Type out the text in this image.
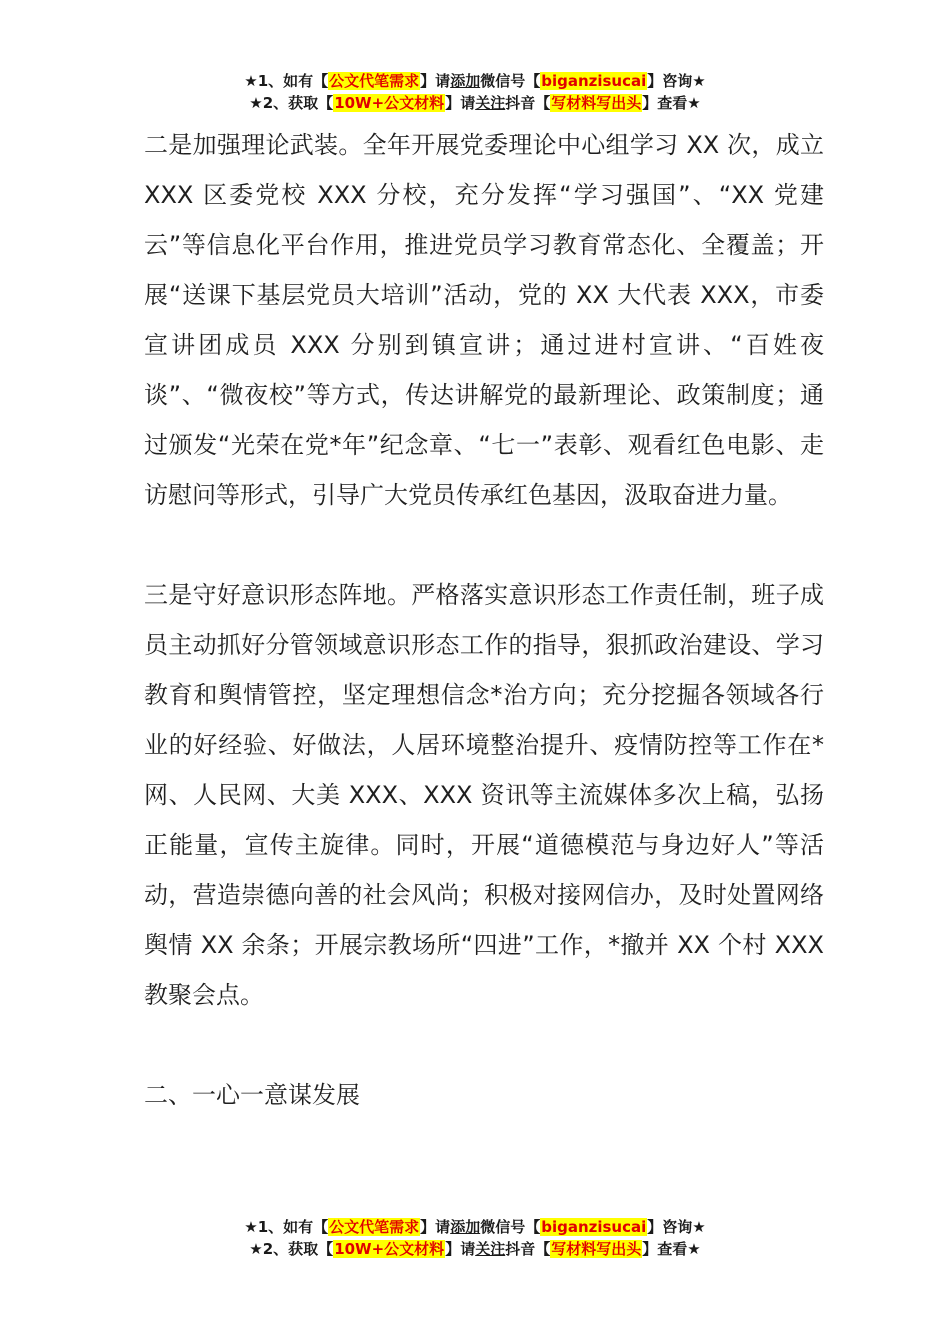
★1、如有【公文代笔需求】请添加微信号【biganzisucai】咨询★
★2、获取【10W+公文材料】请关注抖音【写材料写出头】查看★

二是加强理论武装。全年开展党委理论中心组学习 XX 次，成立 XXX 区委党校 XXX 分校，充分发挥“学习强国”、“XX 党建云”等信息化平台作用，推进党员学习教育常态化、全覆盖；开展“送课下基层党员大培训”活动，党的 XX 大代表 XXX，市委宣讲团成员 XXX 分别到镇宣讲；通过进村宣讲、“百姓夜谈”、“微夜校”等方式，传达讲解党的最新理论、政策制度；通过颁发“光荣在党*年”纪念章、“七一”表彰、观看红色电影、走访慰问等形式，引导广大党员传承红色基因，汲取奋进力量。

三是守好意识形态阵地。严格落实意识形态工作责任制，班子成员主动抓好分管领域意识形态工作的指导，狠抓政治建设、学习教育和舆情管控，坚定理想信念*治方向；充分挖掘各领域各行业的好经验、好做法，人居环境整治提升、疫情防控等工作在*网、人民网、大美 XXX、XXX 资讯等主流媒体多次上稿，弘扬正能量，宣传主旋律。同时，开展“道德模范与身边好人”等活动，营造崇德向善的社会风尚；积极对接网信办，及时处置网络舆情 XX 余条；开展宗教场所“四进”工作，*撤并 XX 个村 XXX 教聚会点。

二、一心一意谋发展

★1、如有【公文代笔需求】请添加微信号【biganzisucai】咨询★
★2、获取【10W+公文材料】请关注抖音【写材料写出头】查看★
